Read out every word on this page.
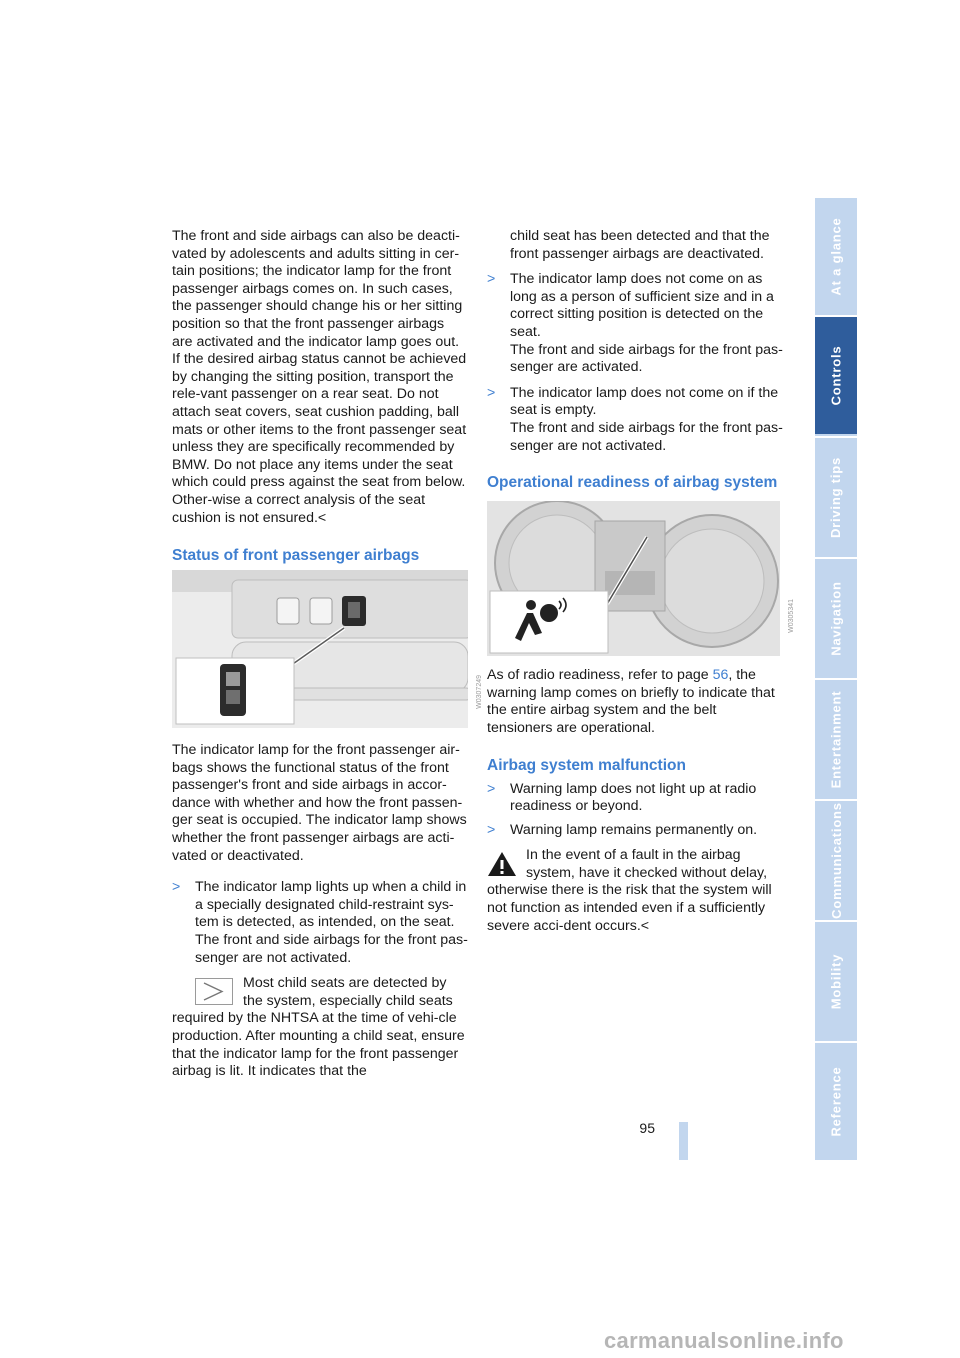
The front and side airbags can also be deacti-vated by adolescents and adults sitting in cer-tain positions; the indicator lamp for the front passenger airbags comes on. In such cases, the passenger should change his or her sitting position so that the front passenger airbags are activated and the indicator lamp goes out. If the desired airbag status cannot be achieved by changing the sitting position, transport the rele-vant passenger on a rear seat. Do not attach seat covers, seat cushion padding, ball mats or other items to the front passenger seat unless they are specifically recommended by BMW. Do not place any items under the seat which could press against the seat from below. Other-wise a correct analysis of the seat cushion is not ensured.<

Status of front passenger airbags
W0307249

The indicator lamp for the front passenger air-bags shows the functional status of the front passenger's front and side airbags in accor-dance with whether and how the front passen-ger seat is occupied. The indicator lamp shows whether the front passenger airbags are acti-vated or deactivated.

> The indicator lamp lights up when a child in a specially designated child-restraint sys-tem is detected, as intended, on the seat.

The front and side airbags for the front pas-senger are not activated.

Most child seats are detected by the system, especially child seats required by the NHTSA at the time of vehi-cle production. After mounting a child seat, ensure that the indicator lamp for the front passenger airbag is lit. It indicates that the

child seat has been detected and that the front passenger airbags are deactivated.

> The indicator lamp does not come on as long as a person of sufficient size and in a correct sitting position is detected on the seat.

The front and side airbags for the front pas-senger are activated.

> The indicator lamp does not come on if the seat is empty.

The front and side airbags for the front pas-senger are not activated.

Operational readiness of airbag system
W0305341

As of radio readiness, refer to page 56, the warning lamp comes on briefly to indicate that the entire airbag system and the belt tensioners are operational.

Airbag system malfunction
> Warning lamp does not light up at radio readiness or beyond.

> Warning lamp remains permanently on.

In the event of a fault in the airbag system, have it checked without delay, otherwise there is the risk that the system will not function as intended even if a sufficiently severe acci-dent occurs.<

At a glance
Controls
Driving tips
Navigation
Entertainment
Communications
Mobility
Reference
95
carmanualsonline.info
